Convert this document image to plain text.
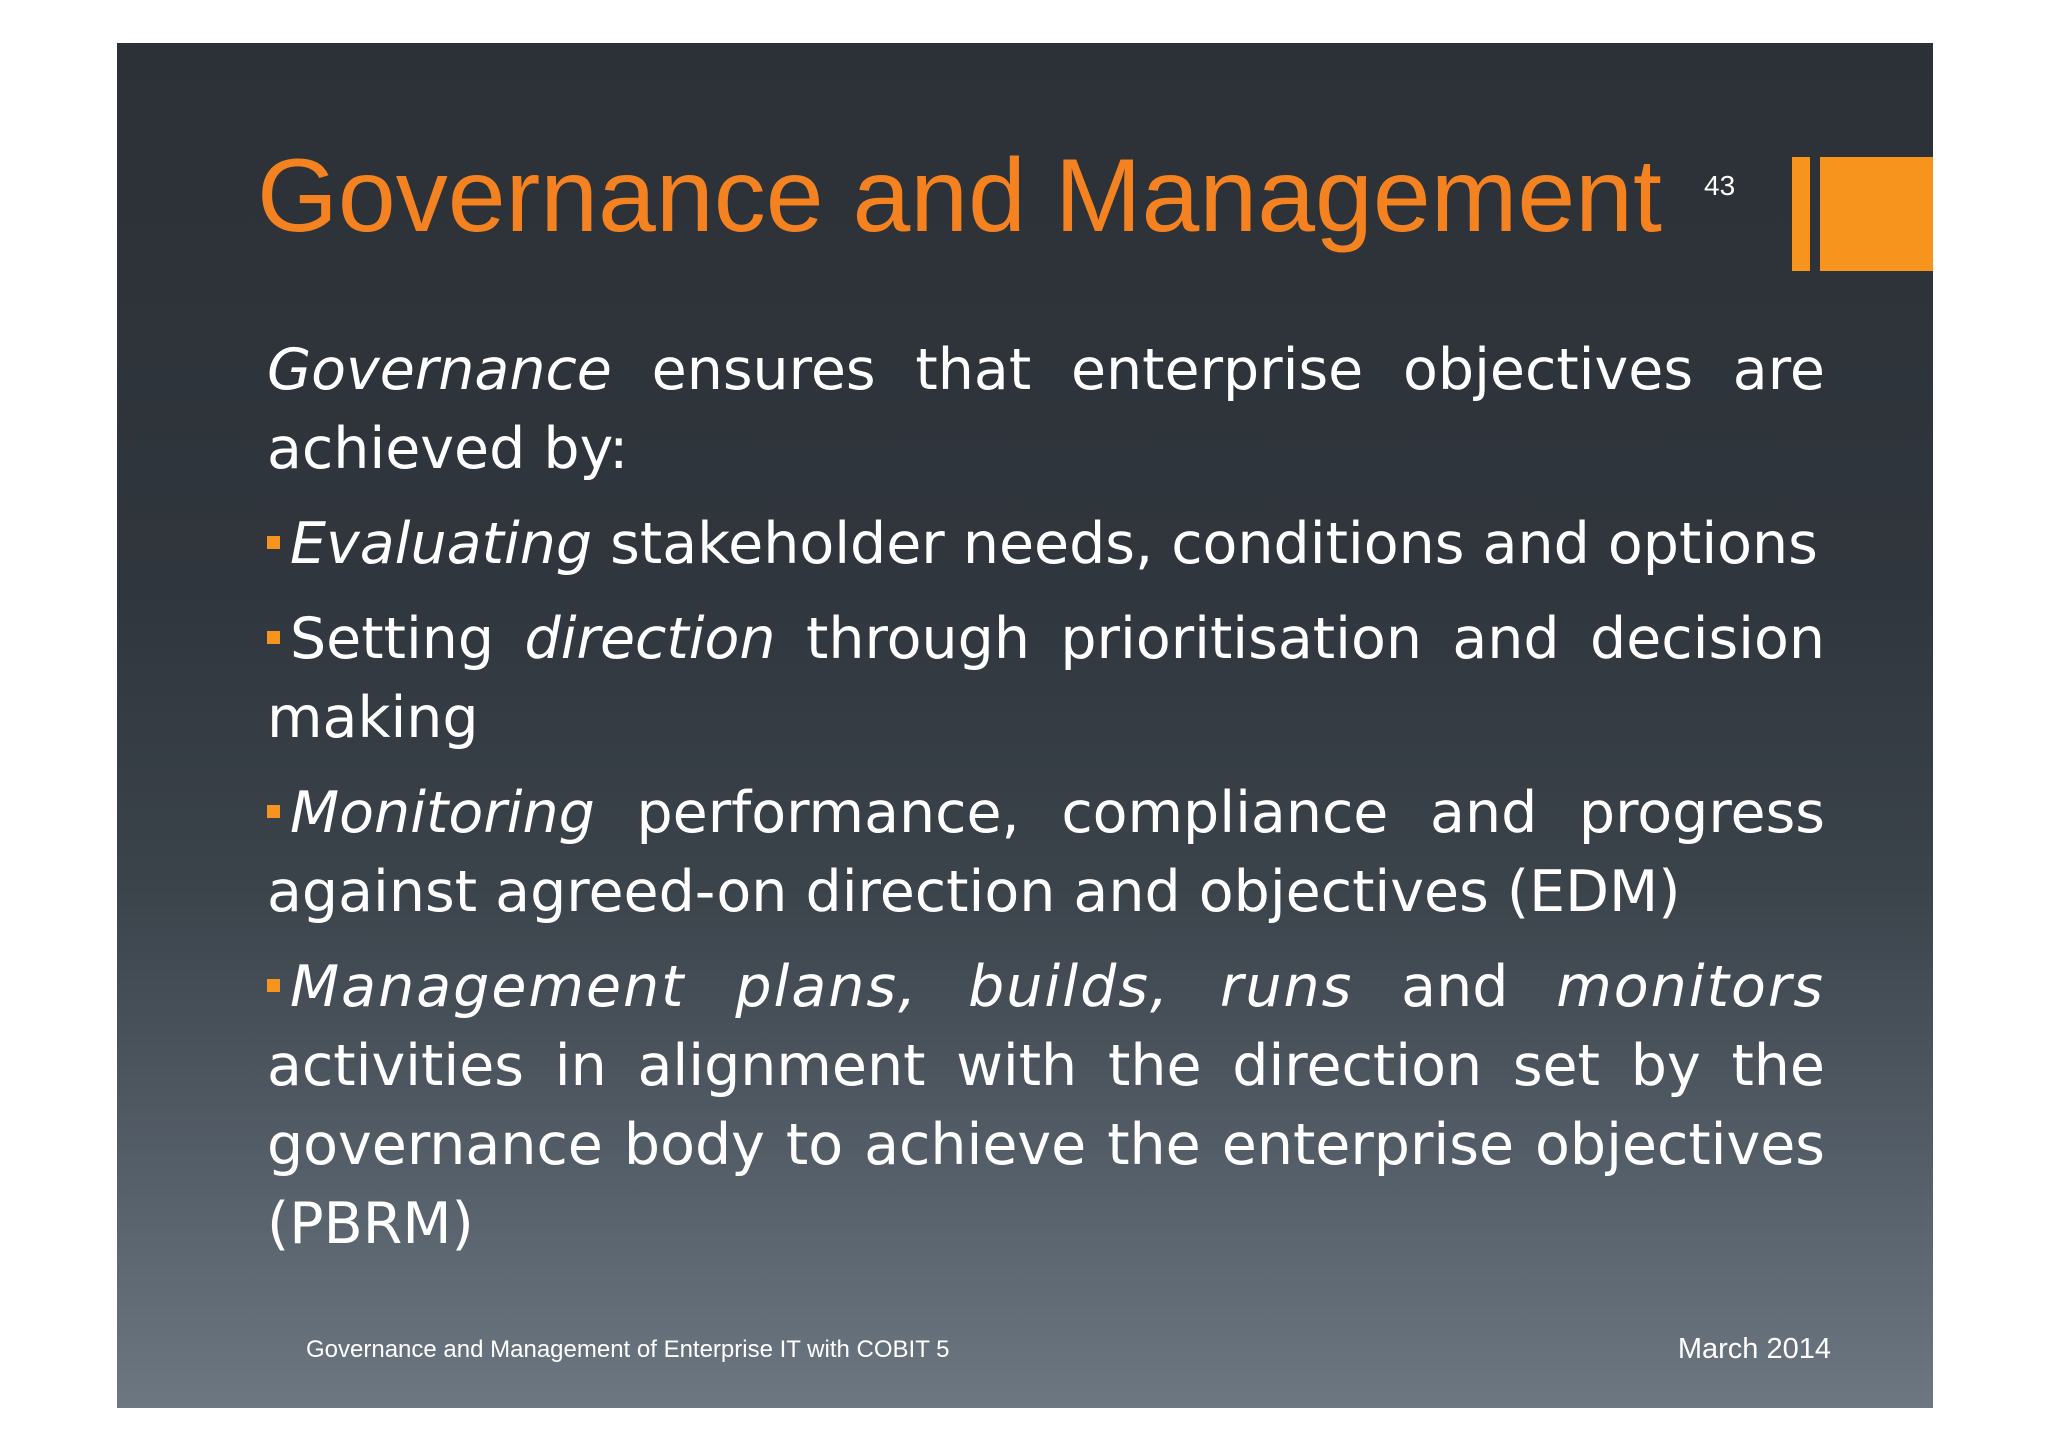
Governance and Management 43

Governance ensures that enterprise objectives are achieved by:

Evaluating stakeholder needs, conditions and options

Setting direction through prioritisation and decision making

Monitoring performance, compliance and progress against agreed-on direction and objectives (EDM)

Management plans, builds, runs and monitors activities in alignment with the direction set by the governance body to achieve the enterprise objectives (PBRM)

Governance and Management of Enterprise IT with COBIT 5	March 2014
